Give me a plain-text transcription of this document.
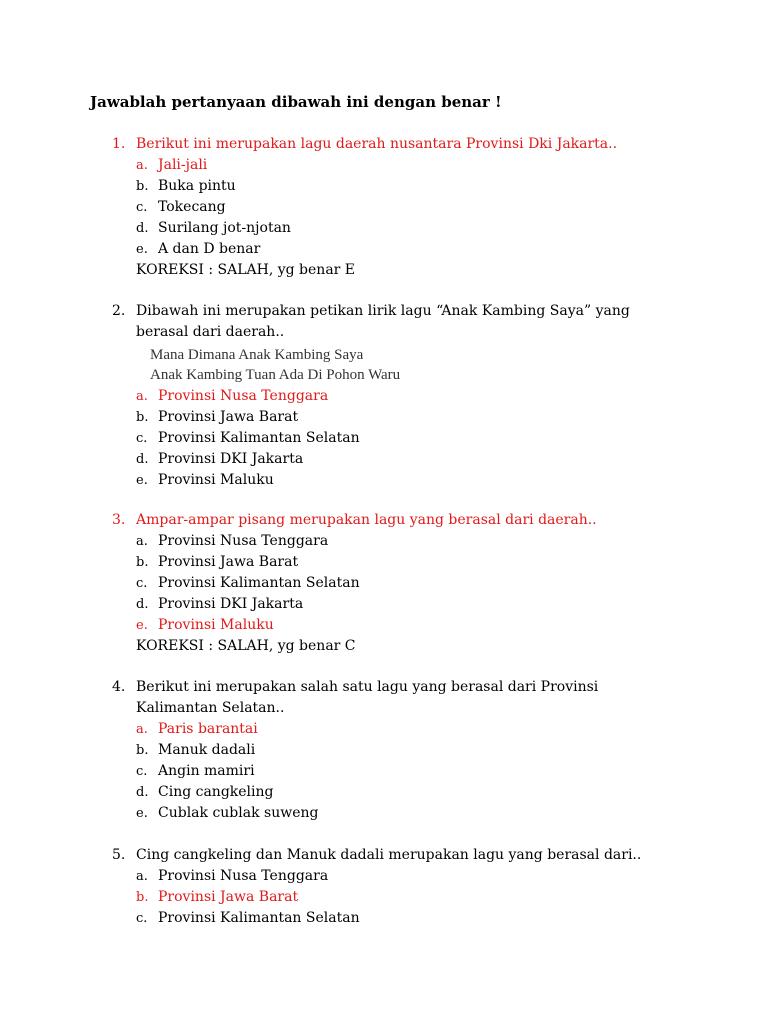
Jawablah pertanyaan dibawah ini dengan benar !
1. Berikut ini merupakan lagu daerah nusantara Provinsi Dki Jakarta..
a. Jali-jali
b. Buka pintu
c. Tokecang
d. Surilang jot-njotan
e. A dan D benar
KOREKSI : SALAH, yg benar E
2. Dibawah ini merupakan petikan lirik lagu “Anak Kambing Saya” yang berasal dari daerah..
Mana Dimana Anak Kambing Saya
Anak Kambing Tuan Ada Di Pohon Waru
a. Provinsi Nusa Tenggara
b. Provinsi Jawa Barat
c. Provinsi Kalimantan Selatan
d. Provinsi DKI Jakarta
e. Provinsi Maluku
3. Ampar-ampar pisang merupakan lagu yang berasal dari daerah..
a. Provinsi Nusa Tenggara
b. Provinsi Jawa Barat
c. Provinsi Kalimantan Selatan
d. Provinsi DKI Jakarta
e. Provinsi Maluku
KOREKSI : SALAH, yg benar C
4. Berikut ini merupakan salah satu lagu yang berasal dari Provinsi Kalimantan Selatan..
a. Paris barantai
b. Manuk dadali
c. Angin mamiri
d. Cing cangkeling
e. Cublak cublak suweng
5. Cing cangkeling dan Manuk dadali merupakan lagu yang berasal dari..
a. Provinsi Nusa Tenggara
b. Provinsi Jawa Barat
c. Provinsi Kalimantan Selatan
